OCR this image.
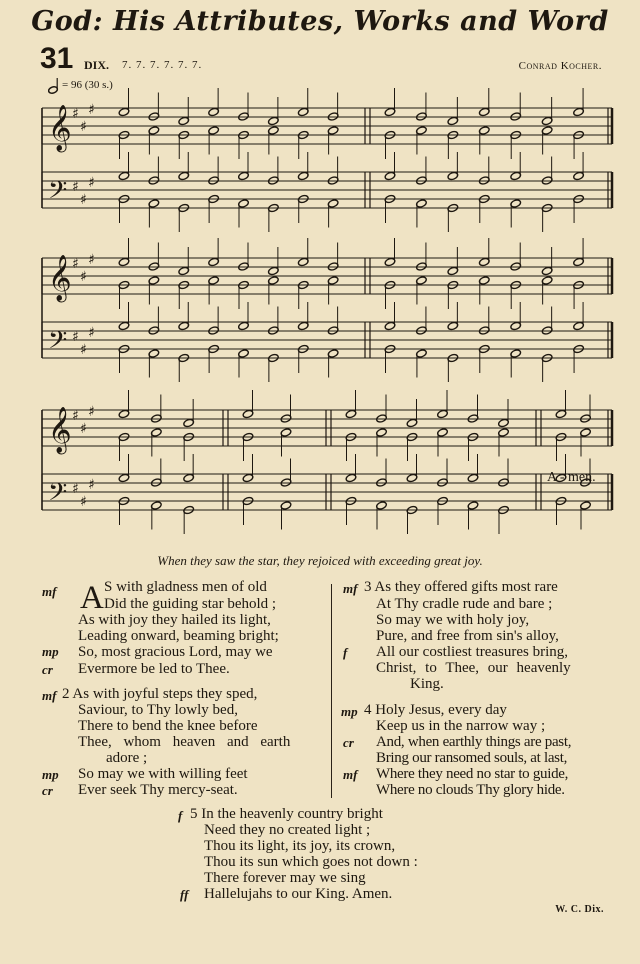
God: His Attributes, Works and Word
31 DIX. 7. 7. 7. 7. 7. 7.	Conrad Kocher.
= 96 (30 s.)
𝄞 ♯
♯
♯
𝄢 ♯
♯
♯
𝄞 ♯
♯
♯
𝄢 ♯
♯
♯
𝄞 ♯
♯
♯
𝄢 ♯
♯
♯	A - men.
When they saw the star, they rejoiced with exceeding great joy.
mf
mp
cr
A S with gladness men of old
Did the guiding star behold ;
As with joy they hailed its light,
Leading onward, beaming bright;
So, most gracious Lord, may we
Evermore be led to Thee.
mf 2 As with joyful steps they sped,
Saviour, to Thy lowly bed,
There to bend the knee before
Thee, whom heaven and earth
adore ;
mp So may we with willing feet
cr Ever seek Thy mercy-seat.
mf 3 As they offered gifts most rare
At Thy cradle rude and bare ;
So may we with holy joy,
Pure, and free from sin's alloy,
f All our costliest treasures bring,
Christ, to Thee, our heavenly
King.
mp 4 Holy Jesus, every day
Keep us in the narrow way ;
cr And, when earthly things are past,
Bring our ransomed souls, at last,
mf Where they need no star to guide,
Where no clouds Thy glory hide.
f 5 In the heavenly country bright
Need they no created light ;
Thou its light, its joy, its crown,
Thou its sun which goes not down :
There forever may we sing
ff Hallelujahs to our King. Amen.
W. C. Dix.
